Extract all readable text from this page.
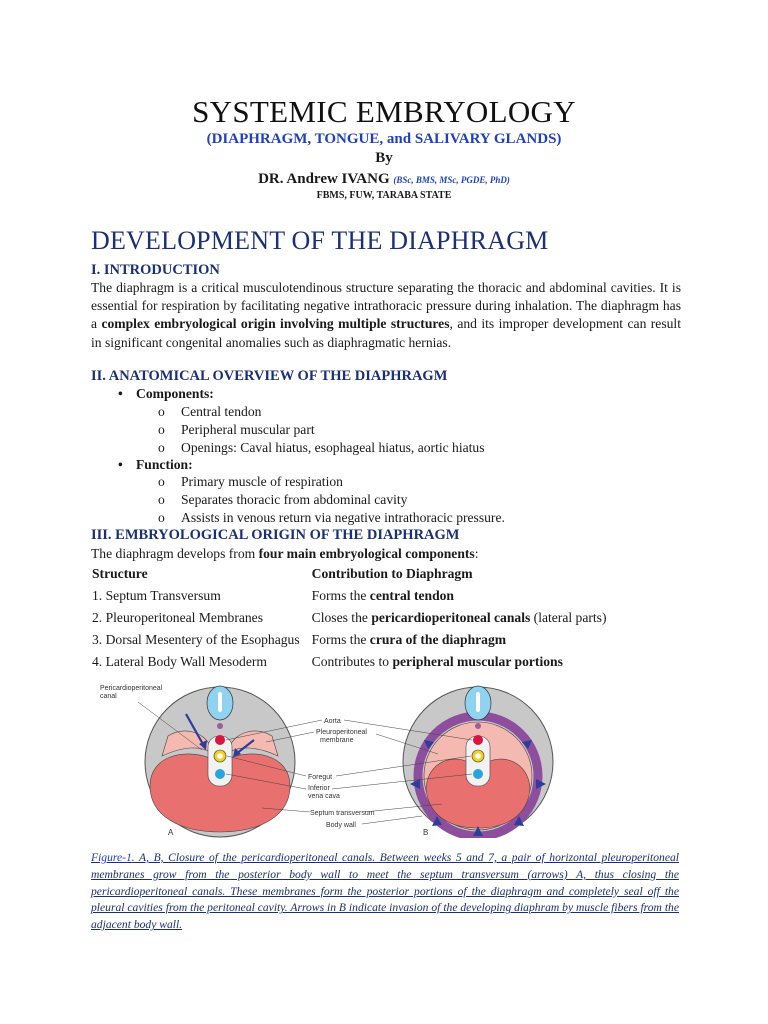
SYSTEMIC EMBRYOLOGY
(DIAPHRAGM, TONGUE, and SALIVARY GLANDS)
By
DR. Andrew IVANG (BSc, BMS, MSc, PGDE, PhD)
FBMS, FUW, TARABA STATE
DEVELOPMENT OF THE DIAPHRAGM
I. INTRODUCTION
The diaphragm is a critical musculotendinous structure separating the thoracic and abdominal cavities. It is essential for respiration by facilitating negative intrathoracic pressure during inhalation. The diaphragm has a complex embryological origin involving multiple structures, and its improper development can result in significant congenital anomalies such as diaphragmatic hernias.
II. ANATOMICAL OVERVIEW OF THE DIAPHRAGM
• Components:
o Central tendon
o Peripheral muscular part
o Openings: Caval hiatus, esophageal hiatus, aortic hiatus
• Function:
o Primary muscle of respiration
o Separates thoracic from abdominal cavity
o Assists in venous return via negative intrathoracic pressure.
III. EMBRYOLOGICAL ORIGIN OF THE DIAPHRAGM
The diaphragm develops from four main embryological components:
Structure	Contribution to Diaphragm
1. Septum Transversum	Forms the central tendon
2. Pleuroperitoneal Membranes	Closes the pericardioperitoneal canals (lateral parts)
3. Dorsal Mesentery of the Esophagus	Forms the crura of the diaphragm
4. Lateral Body Wall Mesoderm	Contributes to peripheral muscular portions
Pericardioperitoneal
canal
A	B
Aorta
Pleuroperitoneal
membrane
Foregut
Inferior
vena cava
Septum transversum
Body wall
Figure-1. A, B, Closure of the pericardioperitoneal canals. Between weeks 5 and 7, a pair of horizontal pleuroperitoneal membranes grow from the posterior body wall to meet the septum transversum (arrows) A, thus closing the pericardioperitoneal canals. These membranes form the posterior portions of the diaphragm and completely seal off the pleural cavities from the peritoneal cavity. Arrows in B indicate invasion of the developing diaphram by muscle fibers from the adjacent body wall.
